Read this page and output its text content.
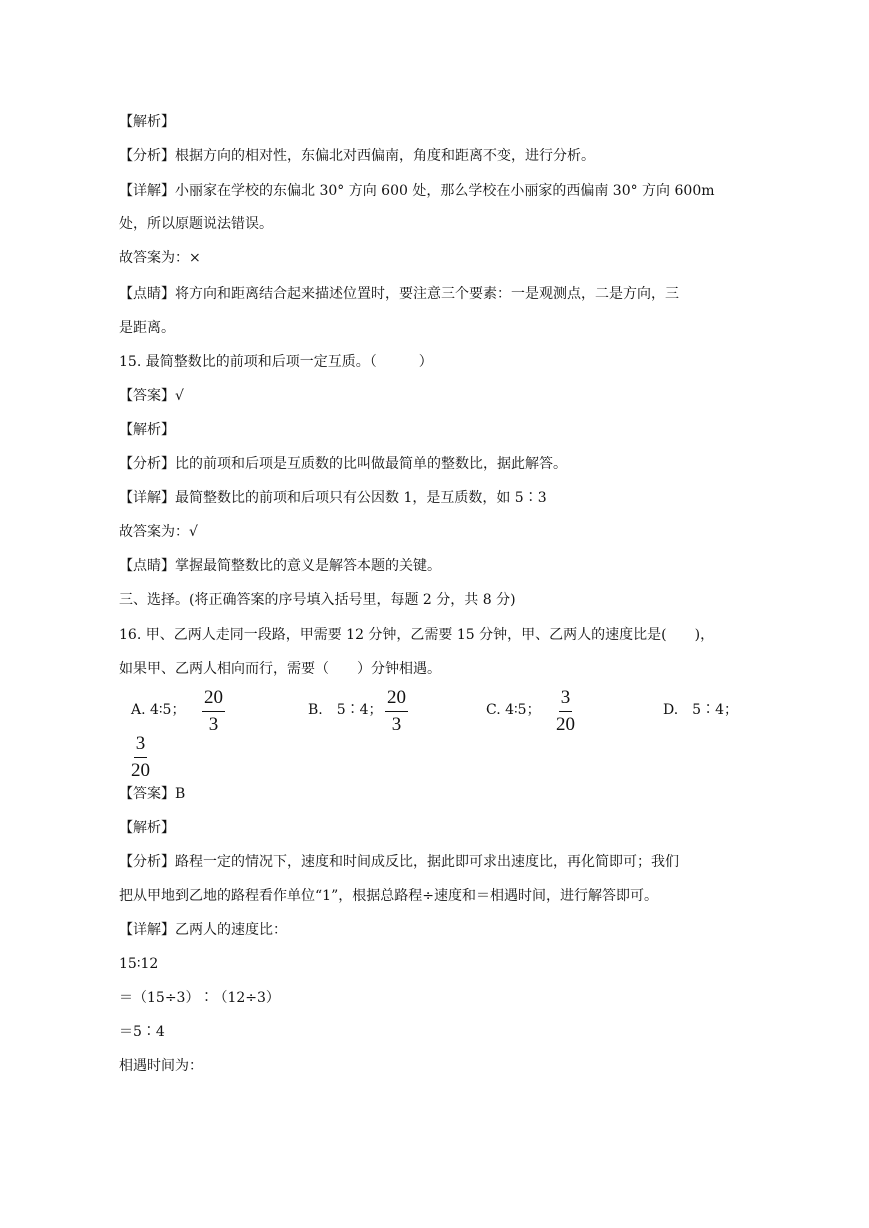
【解析】
【分析】根据方向的相对性，东偏北对西偏南，角度和距离不变，进行分析。
【详解】小丽家在学校的东偏北 30° 方向 600 处，那么学校在小丽家的西偏南 30° 方向 600m
处，所以原题说法错误。
故答案为：×
【点睛】将方向和距离结合起来描述位置时，要注意三个要素：一是观测点，二是方向，三
是距离。
15. 最简整数比的前项和后项一定互质。（　　　）
【答案】√
【解析】
【分析】比的前项和后项是互质数的比叫做最简单的整数比，据此解答。
【详解】最简整数比的前项和后项只有公因数 1，是互质数，如 5∶3
故答案为：√
【点睛】掌握最简整数比的意义是解答本题的关键。
三、选择。(将正确答案的序号填入括号里，每题 2 分，共 8 分)
16. 甲、乙两人走同一段路，甲需要 12 分钟，乙需要 15 分钟，甲、乙两人的速度比是(　　)，
如果甲、乙两人相向而行，需要（　　）分钟相遇。
A. 4∶5； $\frac{20}{3}$	B.　5∶4； $\frac{20}{3}$	C. 4∶5； $\frac{3}{20}$	D.　5∶4；
$\frac{3}{20}$
【答案】B
【解析】
【分析】路程一定的情况下，速度和时间成反比，据此即可求出速度比，再化简即可；我们
把从甲地到乙地的路程看作单位“1”，根据总路程÷速度和＝相遇时间，进行解答即可。
【详解】乙两人的速度比：
15∶12
＝（15÷3）∶（12÷3）
＝5∶4
相遇时间为：
